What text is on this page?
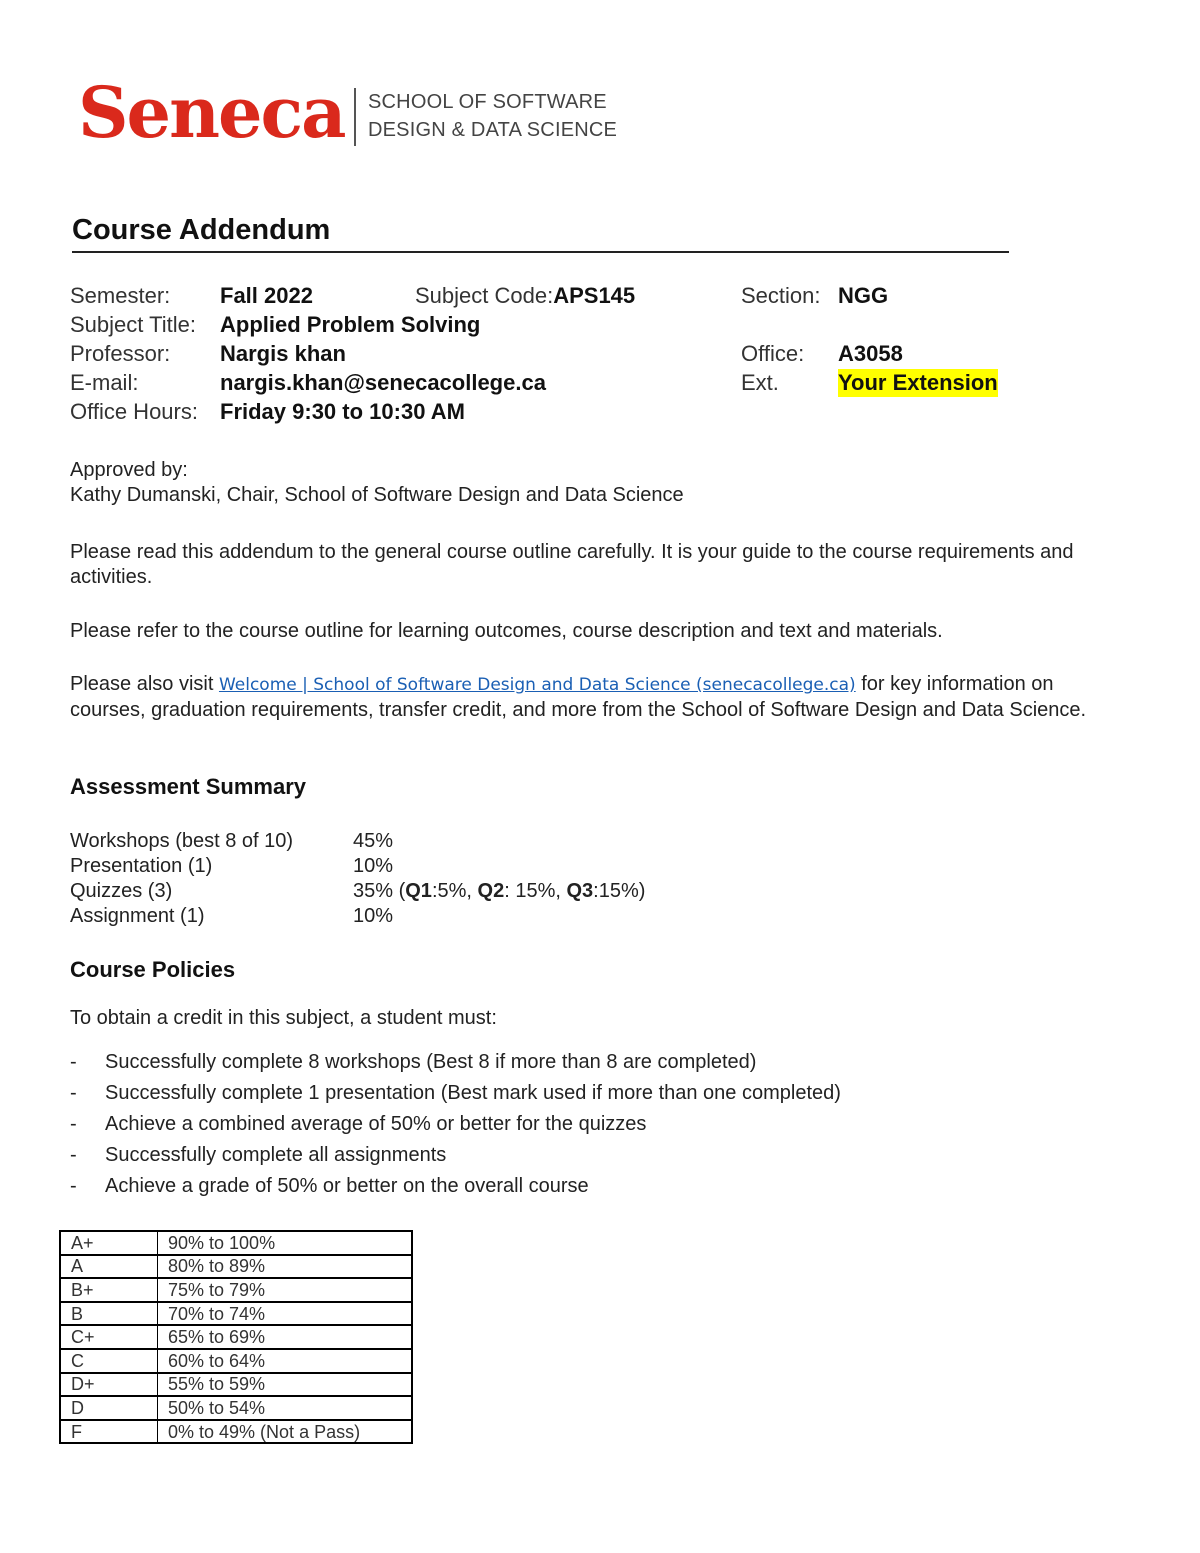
Seneca SCHOOL OF SOFTWARE
DESIGN & DATA SCIENCE
Course Addendum
Semester: Fall 2022	Subject Code:APS145	Section: NGG
Subject Title: Applied Problem Solving
Professor: Nargis khan	Office: A3058
E-mail:	nargis.khan@senecacollege.ca	Ext.	Your Extension
Office Hours: Friday 9:30 to 10:30 AM
Approved by:
Kathy Dumanski, Chair, School of Software Design and Data Science
Please read this addendum to the general course outline carefully. It is your guide to the course requirements and activities.
Please refer to the course outline for learning outcomes, course description and text and materials.
Please also visit Welcome | School of Software Design and Data Science (senecacollege.ca) for key information on courses, graduation requirements, transfer credit, and more from the School of Software Design and Data Science.
Assessment Summary
Workshops (best 8 of 10)	45%
Presentation (1)	10%
Quizzes (3)	35% (Q1:5%, Q2: 15%, Q3:15%)
Assignment (1)	10%
Course Policies
To obtain a credit in this subject, a student must:
- Successfully complete 8 workshops (Best 8 if more than 8 are completed)
- Successfully complete 1 presentation (Best mark used if more than one completed)
- Achieve a combined average of 50% or better for the quizzes
- Successfully complete all assignments
- Achieve a grade of 50% or better on the overall course
A+	90% to 100%
A	80% to 89%
B+	75% to 79%
B	70% to 74%
C+	65% to 69%
C	60% to 64%
D+	55% to 59%
D	50% to 54%
F	0% to 49% (Not a Pass)
